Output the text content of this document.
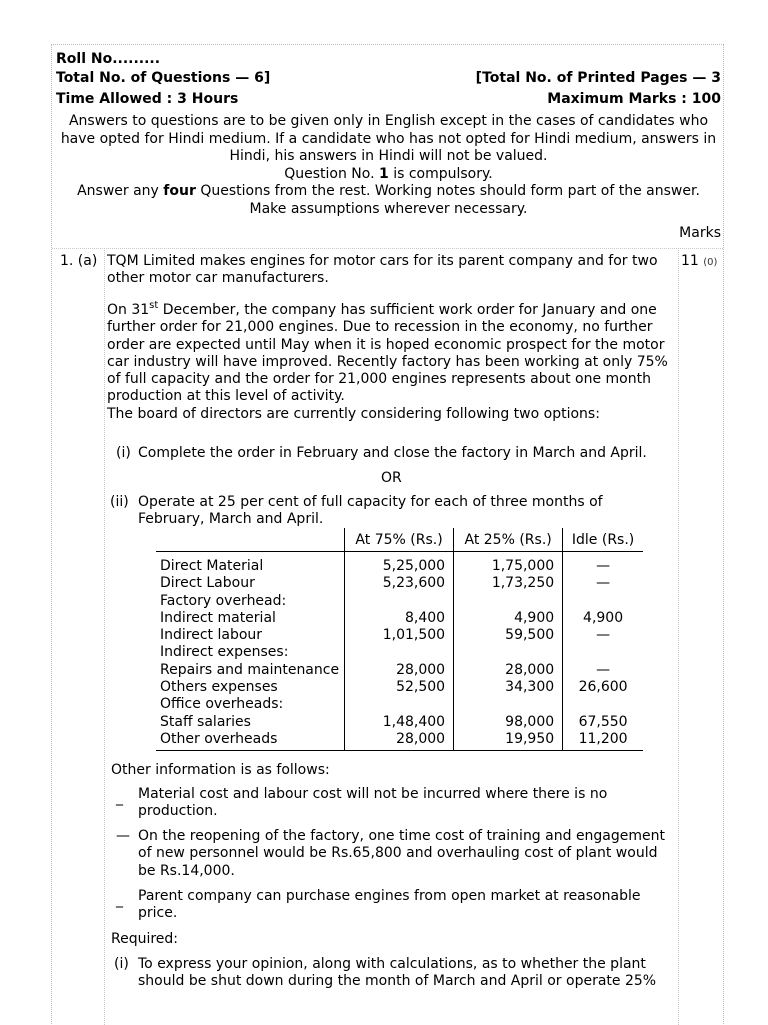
Roll No.........
Total No. of Questions — 6]	[Total No. of Printed Pages — 3
Time Allowed : 3 Hours	Maximum Marks : 100

Answers to questions are to be given only in English except in the cases of candidates who have opted for Hindi medium. If a candidate who has not opted for Hindi medium, answers in Hindi, his answers in Hindi will not be valued.

Question No. 1 is compulsory.

Answer any four Questions from the rest. Working notes should form part of the answer.

Make assumptions wherever necessary.

Marks
1. (a)	11 (0)
TQM Limited makes engines for motor cars for its parent company and for two other motor car manufacturers.

On 31st December, the company has sufficient work order for January and one further order for 21,000 engines. Due to recession in the economy, no further order are expected until May when it is hoped economic prospect for the motor car industry will have improved. Recently factory has been working at only 75% of full capacity and the order for 21,000 engines represents about one month production at this level of activity.

The board of directors are currently considering following two options:

(i) Complete the order in February and close the factory in March and April.
OR
(ii) Operate at 25 per cent of full capacity for each of three months of February, March and April.
	At 75% (Rs.)	At 25% (Rs.)	Idle (Rs.)
Direct Material	5,25,000	1,75,000	—
Direct Labour	5,23,600	1,73,250	—
Factory overhead:			
Indirect material	8,400	4,900	4,900
Indirect labour	1,01,500	59,500	—
Indirect expenses:			
Repairs and maintenance	28,000	28,000	—
Others expenses	52,500	34,300	26,600
Office overheads:			
Staff salaries	1,48,400	98,000	67,550
Other overheads	28,000	19,950	11,200
Other information is as follows:
_ Material cost and labour cost will not be incurred where there is no production.
— On the reopening of the factory, one time cost of training and engagement of new personnel would be Rs.65,800 and overhauling cost of plant would be Rs.14,000.
_ Parent company can purchase engines from open market at reasonable price.
Required:
(i) To express your opinion, along with calculations, as to whether the plant should be shut down during the month of March and April or operate 25%
